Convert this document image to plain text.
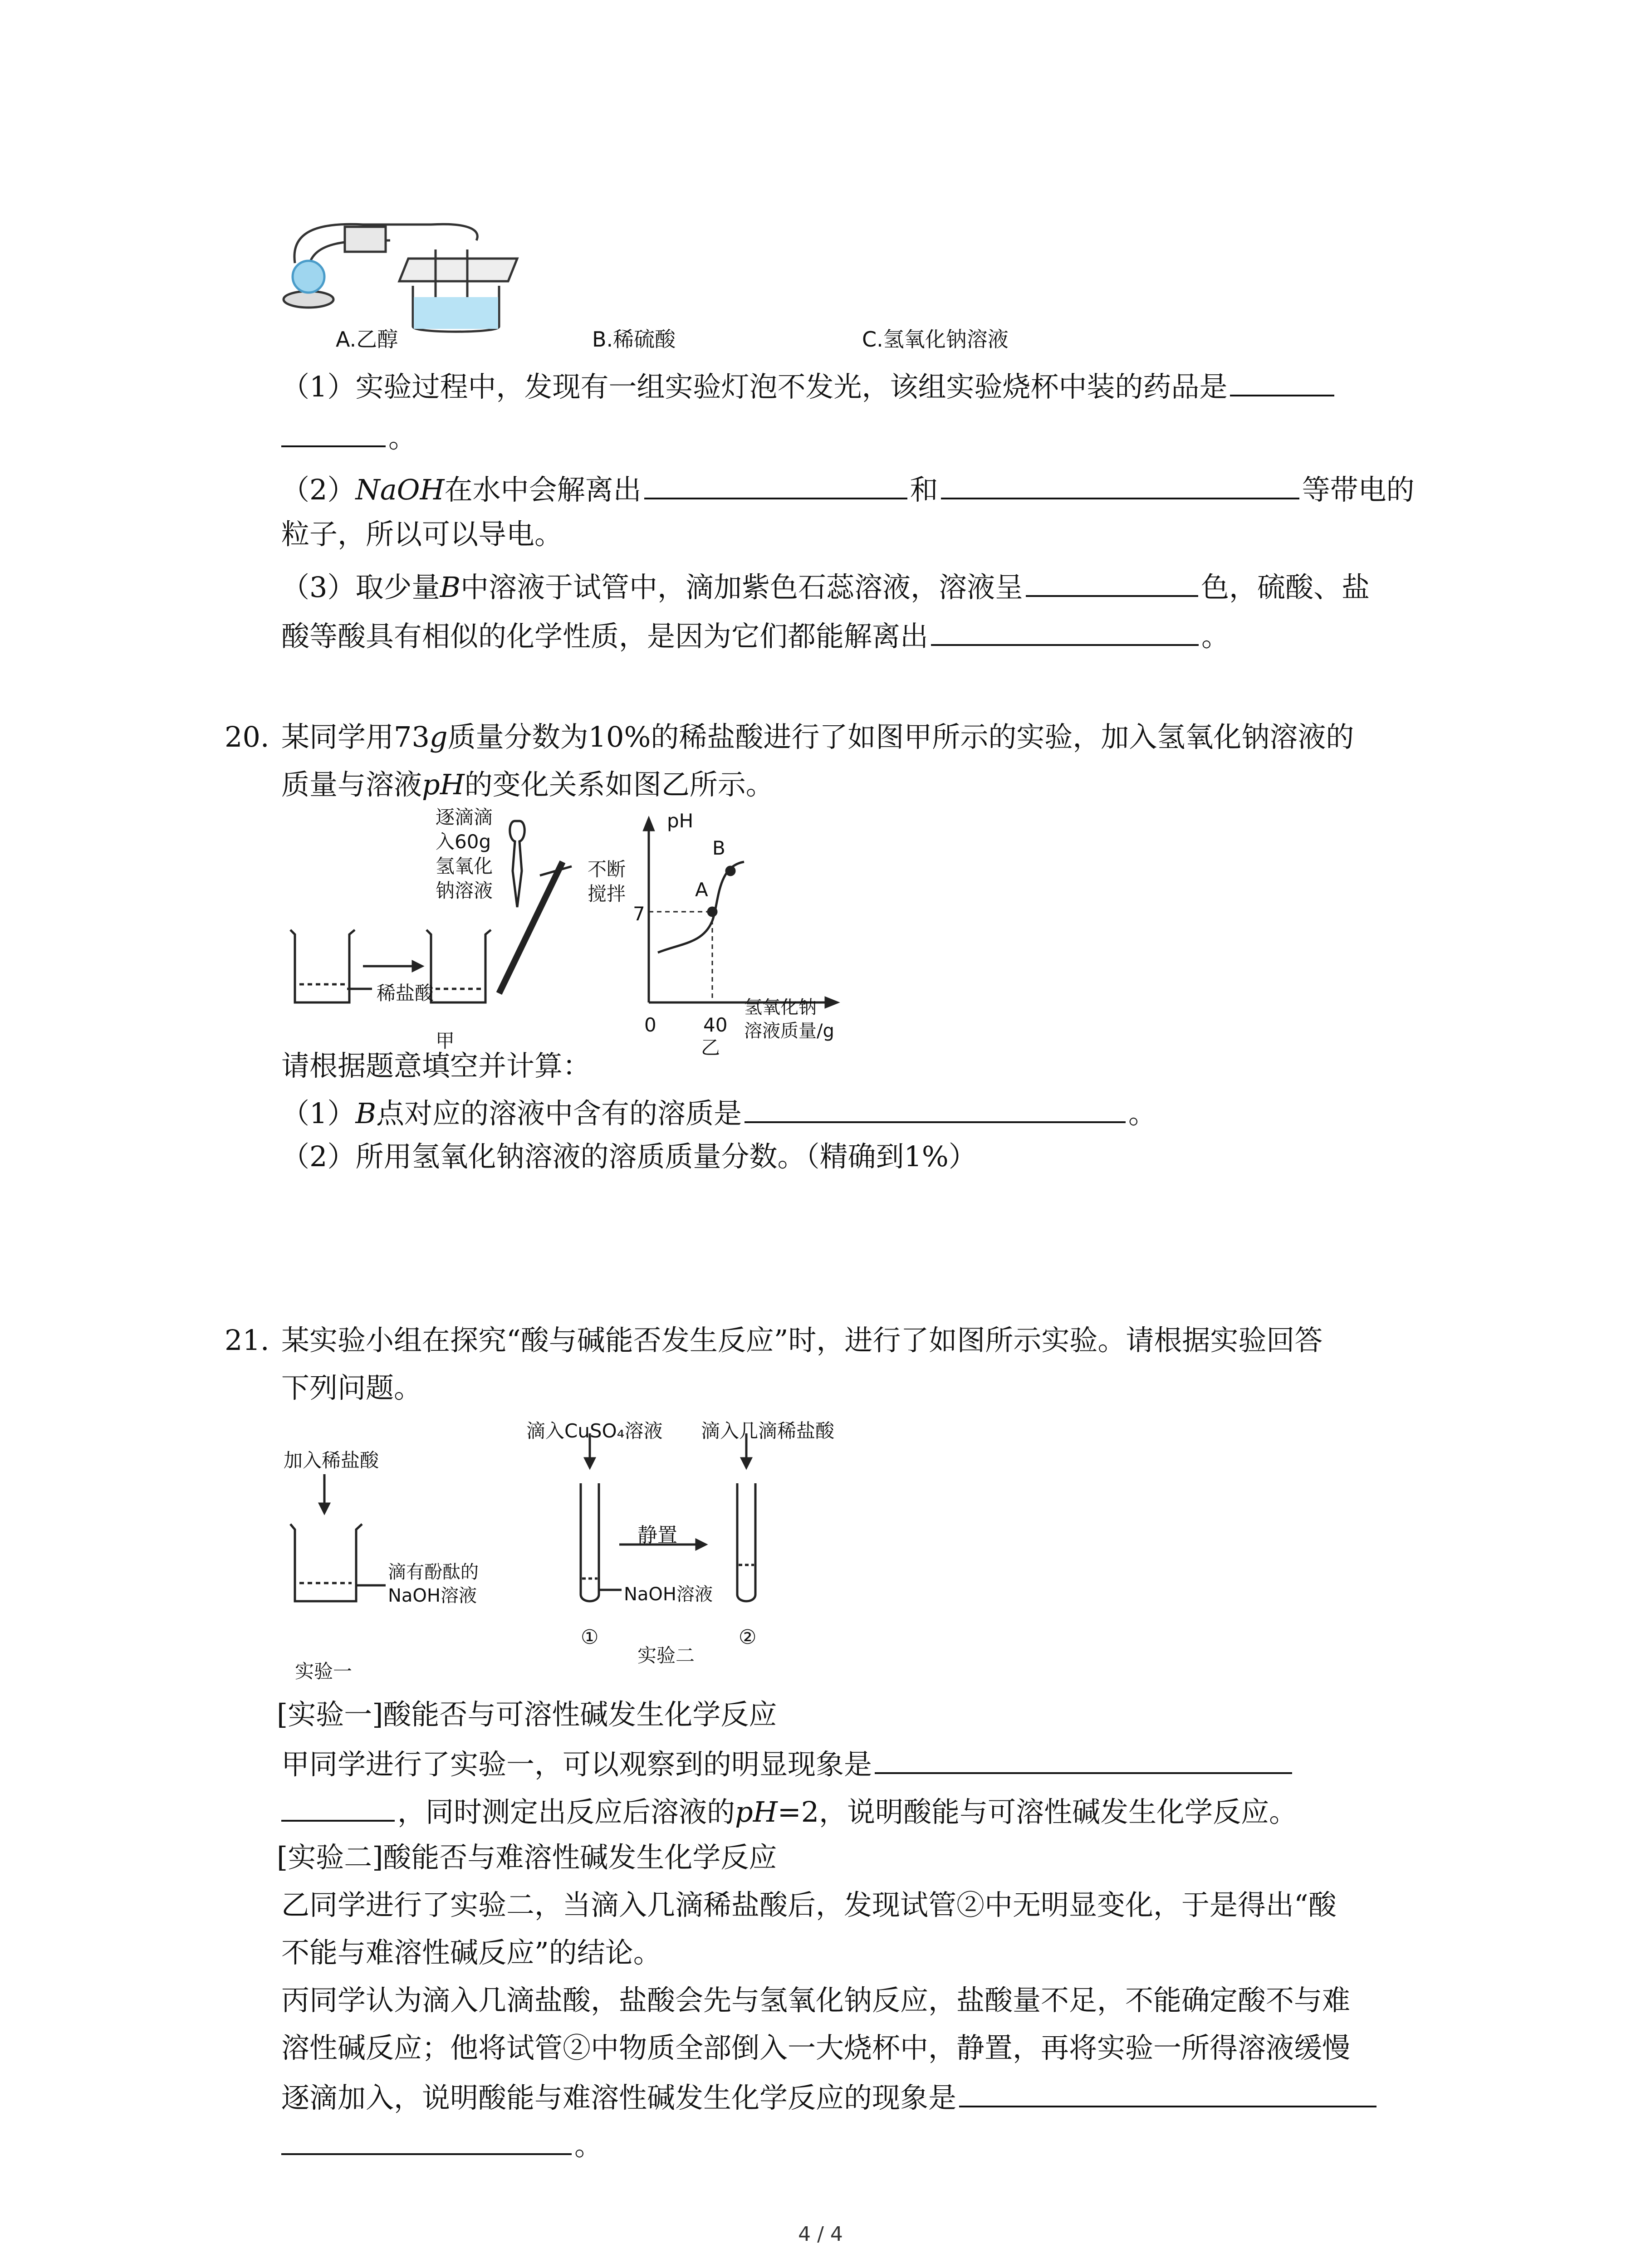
A.乙醇	B.稀硫酸	C.氢氧化钠溶液
（1）实验过程中，发现有一组实验灯泡不发光，该组实验烧杯中装的药品是
。
（2）NaOH在水中会解离出	和	等带电的
粒子，所以可以导电。
（3）取少量B中溶液于试管中，滴加紫色石蕊溶液，溶液呈	色，硫酸、盐
酸等酸具有相似的化学性质，是因为它们都能解离出	。
20. 某同学用73g质量分数为10%的稀盐酸进行了如图甲所示的实验，加入氢氧化钠溶液的
质量与溶液pH的变化关系如图乙所示。
逐滴滴
入60g
氢氧化
钠溶液
不断
搅拌
稀盐酸
甲
pH
B
A
7
0 40
氢氧化钠
溶液质量/g
乙
请根据题意填空并计算：
（1）B点对应的溶液中含有的溶质是	。
（2）所用氢氧化钠溶液的溶质质量分数。（精确到1%）
21. 某实验小组在探究“酸与碱能否发生反应”时，进行了如图所示实验。请根据实验回答
下列问题。
加入稀盐酸
滴有酚酞的
NaOH溶液
实验一
滴入CuSO₄溶液 滴入几滴稀盐酸
静置
NaOH溶液
①	②
实验二
[实验一]酸能否与可溶性碱发生化学反应
甲同学进行了实验一，可以观察到的明显现象是
，同时测定出反应后溶液的pH=2，说明酸能与可溶性碱发生化学反应。
[实验二]酸能否与难溶性碱发生化学反应
乙同学进行了实验二，当滴入几滴稀盐酸后，发现试管②中无明显变化，于是得出“酸
不能与难溶性碱反应”的结论。
丙同学认为滴入几滴盐酸，盐酸会先与氢氧化钠反应，盐酸量不足，不能确定酸不与难
溶性碱反应；他将试管②中物质全部倒入一大烧杯中，静置，再将实验一所得溶液缓慢
逐滴加入，说明酸能与难溶性碱发生化学反应的现象是
。
4 / 4
